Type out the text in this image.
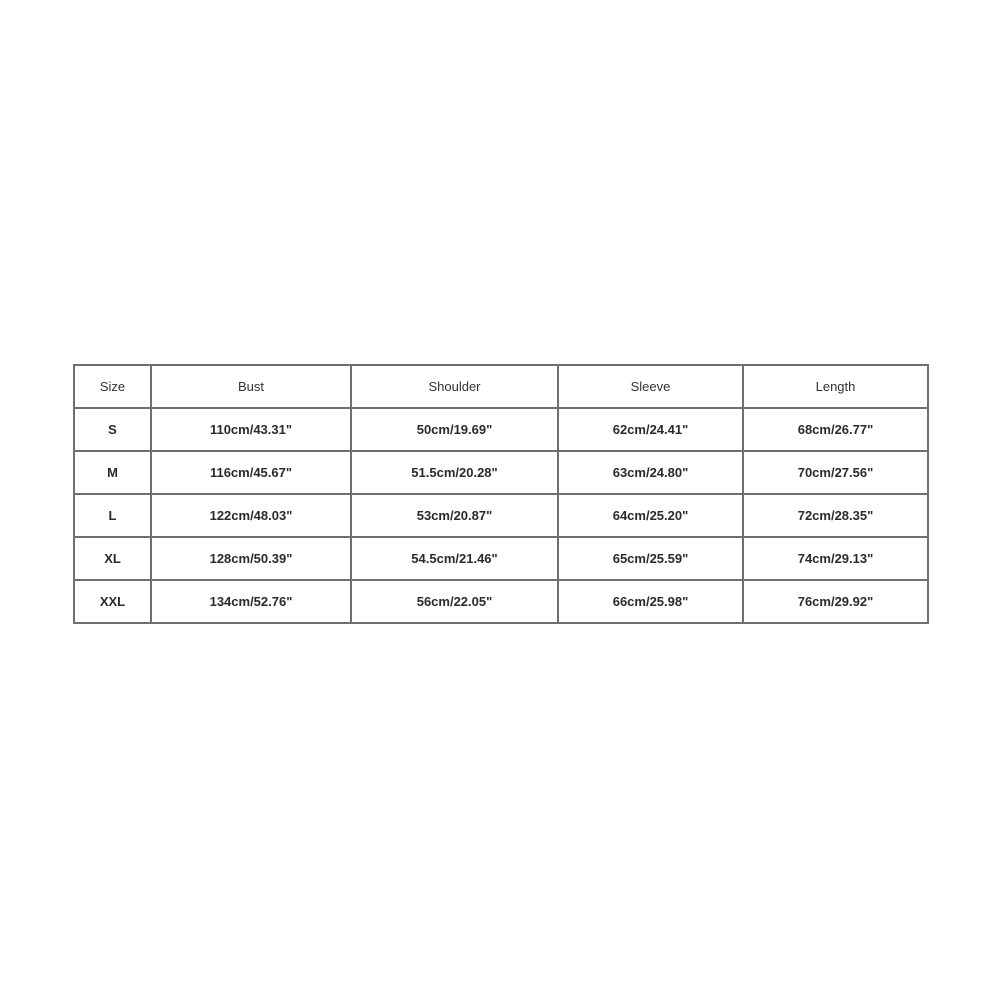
Size	Bust	Shoulder	Sleeve	Length
S	110cm/43.31"	50cm/19.69"	62cm/24.41"	68cm/26.77"
M	116cm/45.67"	51.5cm/20.28"	63cm/24.80"	70cm/27.56"
L	122cm/48.03"	53cm/20.87"	64cm/25.20"	72cm/28.35"
XL	128cm/50.39"	54.5cm/21.46"	65cm/25.59"	74cm/29.13"
XXL	134cm/52.76"	56cm/22.05"	66cm/25.98"	76cm/29.92"
